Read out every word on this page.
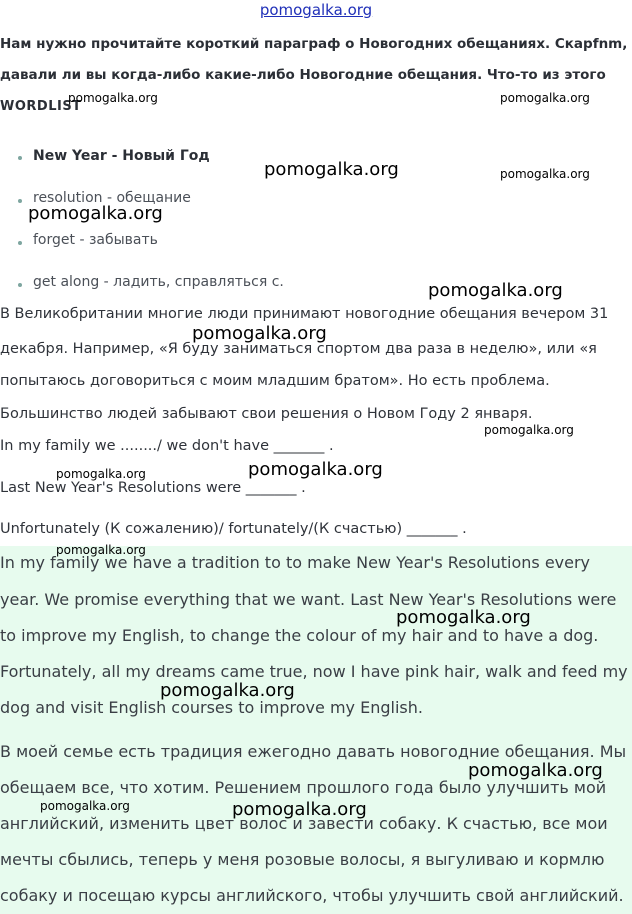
pomogalka.org
Нам нужно прочитайте короткий параграф о Новогодних обещаниях. Скаpfnm,
давали ли вы когда-либо какие-либо Новогодние обещания. Что-то из этого
WORDLIST
New Year - Новый Год
resolution - обещание
forget - забывать
get along - ладить, справляться с.
В Великобритании многие люди принимают новогодние обещания вечером 31
декабря. Например, «Я буду заниматься спортом два раза в неделю», или «я
попытаюсь договориться с моим младшим братом». Но есть проблема.
Большинство людей забывают свои решения о Новом Году 2 января.
In my family we ......../ we don't have _______ .
Last New Year's Resolutions were _______ .
Unfortunately (К сожалению)/ fortunately/(К счастью) _______ .
In my family we have a tradition to to make New Year's Resolutions every
year. We promise everything that we want. Last New Year's Resolutions were
to improve my English, to change the colour of my hair and to have a dog.
Fortunately, all my dreams came true, now I have pink hair, walk and feed my
dog and visit English courses to improve my English.
В моей семье есть традиция ежегодно давать новогодние обещания. Мы
обещаем все, что хотим. Решением прошлого года было улучшить мой
английский, изменить цвет волос и завести собаку. К счастью, все мои
мечты сбылись, теперь у меня розовые волосы, я выгуливаю и кормлю
собаку и посещаю курсы английского, чтобы улучшить свой английский.
pomogalka.org	pomogalka.org
pomogalka.org	pomogalka.org
pomogalka.org
pomogalka.org
pomogalka.org
pomogalka.org
pomogalka.org	pomogalka.org
pomogalka.org
pomogalka.org
pomogalka.org
pomogalka.org
pomogalka.org	pomogalka.org
